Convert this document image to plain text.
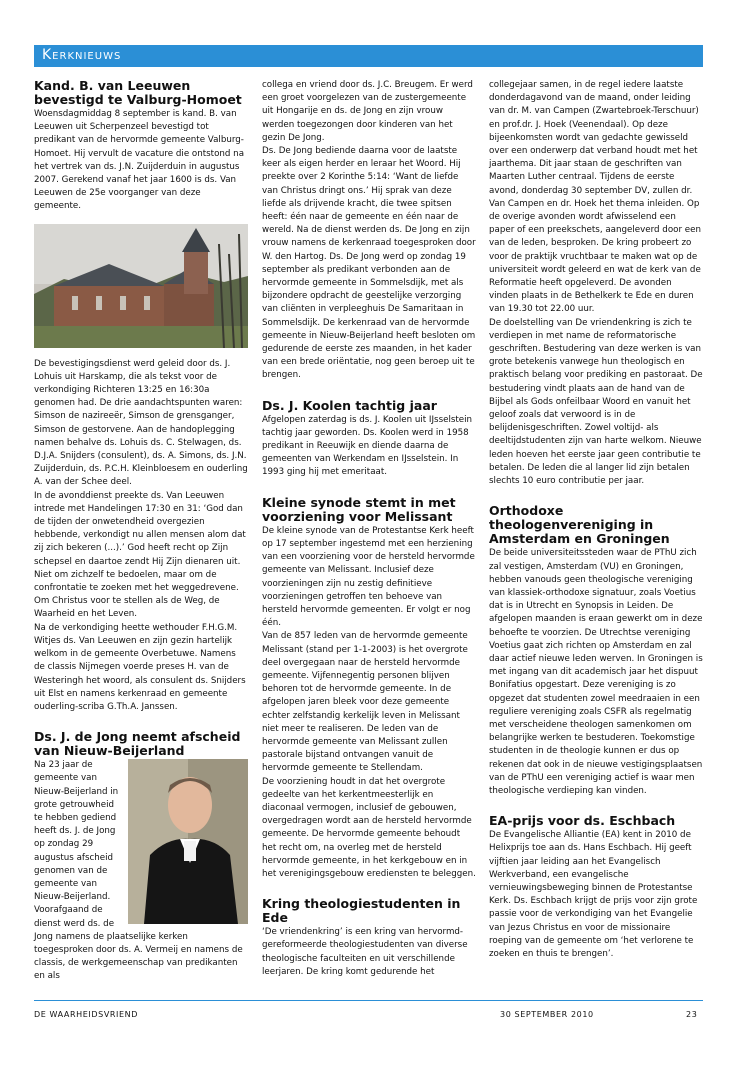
Kerknieuws
Kand. B. van Leeuwen bevestigd te Valburg-Homoet

Woensdagmiddag 8 september is kand. B. van Leeuwen uit Scherpenzeel bevestigd tot predikant van de hervormde gemeente Valburg-Homoet. Hij vervult de vacature die ontstond na het vertrek van ds. J.N. Zuijderduin in augustus 2007. Gerekend vanaf het jaar 1600 is ds. Van Leeuwen de 25e voorganger van deze gemeente.

De bevestigingsdienst werd geleid door ds. J. Lohuis uit Harskamp, die als tekst voor de verkondiging Richteren 13:25 en 16:30a genomen had. De drie aandachtspunten waren: Simson de nazireeër, Simson de grensganger, Simson de gestorvene. Aan de handoplegging namen behalve ds. Lohuis ds. C. Stelwagen, ds. D.J.A. Snijders (consulent), ds. A. Simons, ds. J.N. Zuijderduin, ds. P.C.H. Kleinbloesem en ouderling A. van der Schee deel.

In de avonddienst preekte ds. Van Leeuwen intrede met Handelingen 17:30 en 31: ‘God dan de tijden der onwetendheid overgezien hebbende, verkondigt nu allen mensen alom dat zij zich bekeren (...).’ God heeft recht op Zijn schepsel en daartoe zendt Hij Zijn dienaren uit. Niet om zichzelf te bedoelen, maar om de confrontatie te zoeken met het weggedrevene. Om Christus voor te stellen als de Weg, de Waarheid en het Leven.

Na de verkondiging heette wethouder F.H.G.M. Witjes ds. Van Leeuwen en zijn gezin hartelijk welkom in de gemeente Overbetuwe. Namens de classis Nijmegen voerde preses H. van de Westeringh het woord, als consulent ds. Snijders uit Elst en namens kerkenraad en gemeente ouderling-scriba G.Th.A. Janssen.

Ds. J. de Jong neemt afscheid van Nieuw-Beijerland

Na 23 jaar de gemeente van Nieuw-Beijerland in grote getrouwheid te hebben gediend heeft ds. J. de Jong op zondag 29 augustus afscheid genomen van de gemeente van Nieuw-Beijerland. Voorafgaand de dienst werd ds. de Jong namens de plaatselijke kerken toegesproken door ds. A. Vermeij en namens de classis, de werkgemeenschap van predikanten en als

collega en vriend door ds. J.C. Breugem. Er werd een groet voorgelezen van de zustergemeente uit Hongarije en ds. de Jong en zijn vrouw werden toegezongen door kinderen van het gezin De Jong.

Ds. De Jong bediende daarna voor de laatste keer als eigen herder en leraar het Woord. Hij preekte over 2 Korinthe 5:14: ‘Want de liefde van Christus dringt ons.’ Hij sprak van deze liefde als drijvende kracht, die twee spitsen heeft: één naar de gemeente en één naar de wereld. Na de dienst werden ds. De Jong en zijn vrouw namens de kerkenraad toegesproken door W. den Hartog. Ds. De Jong werd op zondag 19 september als predikant verbonden aan de hervormde gemeente in Sommelsdijk, met als bijzondere opdracht de geestelijke verzorging van cliënten in verpleeghuis De Samaritaan in Sommelsdijk. De kerkenraad van de hervormde gemeente in Nieuw-Beijerland heeft besloten om gedurende de eerste zes maanden, in het kader van een brede oriëntatie, nog geen beroep uit te brengen.

Ds. J. Koolen tachtig jaar

Afgelopen zaterdag is ds. J. Koolen uit IJsselstein tachtig jaar geworden. Ds. Koolen werd in 1958 predikant in Reeuwijk en diende daarna de gemeenten van Werkendam en IJsselstein. In 1993 ging hij met emeritaat.

Kleine synode stemt in met voorziening voor Melissant

De kleine synode van de Protestantse Kerk heeft op 17 september ingestemd met een herziening van een voorziening voor de hersteld hervormde gemeente van Melissant. Inclusief deze voorzieningen zijn nu zestig definitieve voorzieningen getroffen ten behoeve van hersteld hervormde gemeenten. Er volgt er nog één.

Van de 857 leden van de hervormde gemeente Melissant (stand per 1-1-2003) is het overgrote deel overgegaan naar de hersteld hervormde gemeente. Vijfennegentig personen blijven behoren tot de hervormde gemeente. In de afgelopen jaren bleek voor deze gemeente echter zelfstandig kerkelijk leven in Melissant niet meer te realiseren. De leden van de hervormde gemeente van Melissant zullen pastorale bijstand ontvangen vanuit de hervormde gemeente te Stellendam.

De voorziening houdt in dat het overgrote gedeelte van het kerkentmeesterlijk en diaconaal vermogen, inclusief de gebouwen, overgedragen wordt aan de hersteld hervormde gemeente. De hervormde gemeente behoudt het recht om, na overleg met de hersteld hervormde gemeente, in het kerkgebouw en in het verenigingsgebouw erediensten te beleggen.

Kring theologiestudenten in Ede

‘De vriendenkring’ is een kring van hervormd-gereformeerde theologiestudenten van diverse theologische faculteiten en uit verschillende leerjaren. De kring komt gedurende het

collegejaar samen, in de regel iedere laatste donderdagavond van de maand, onder leiding van dr. M. van Campen (Zwartebroek-Terschuur) en prof.dr. J. Hoek (Veenendaal). Op deze bijeenkomsten wordt van gedachte gewisseld over een onderwerp dat verband houdt met het jaarthema. Dit jaar staan de geschriften van Maarten Luther centraal. Tijdens de eerste avond, donderdag 30 september DV, zullen dr. Van Campen en dr. Hoek het thema inleiden. Op de overige avonden wordt afwisselend een paper of een preekschets, aangeleverd door een van de leden, besproken. De kring probeert zo voor de praktijk vruchtbaar te maken wat op de universiteit wordt geleerd en wat de kerk van de Reformatie heeft opgeleverd. De avonden vinden plaats in de Bethelkerk te Ede en duren van 19.30 tot 22.00 uur.

De doelstelling van De vriendenkring is zich te verdiepen in met name de reformatorische geschriften. Bestudering van deze werken is van grote betekenis vanwege hun theologisch en praktisch belang voor prediking en pastoraat. De bestudering vindt plaats aan de hand van de Bijbel als Gods onfeilbaar Woord en vanuit het geloof zoals dat verwoord is in de belijdenisgeschriften. Zowel voltijd- als deeltijdstudenten zijn van harte welkom. Nieuwe leden hoeven het eerste jaar geen contributie te betalen. De leden die al langer lid zijn betalen slechts 10 euro contributie per jaar.

Orthodoxe theologenvereniging in Amsterdam en Groningen

De beide universiteitssteden waar de PThU zich zal vestigen, Amsterdam (VU) en Groningen, hebben vanouds geen theologische vereniging van klassiek-orthodoxe signatuur, zoals Voetius dat is in Utrecht en Synopsis in Leiden. De afgelopen maanden is eraan gewerkt om in deze behoefte te voorzien. De Utrechtse vereniging Voetius gaat zich richten op Amsterdam en zal daar actief nieuwe leden werven. In Groningen is met ingang van dit academisch jaar het dispuut Bonifatius opgestart. Deze vereniging is zo opgezet dat studenten zowel meedraaien in een reguliere vereniging zoals CSFR als regelmatig met verscheidene theologen samenkomen om belangrijke werken te bestuderen. Toekomstige studenten in de theologie kunnen er dus op rekenen dat ook in de nieuwe vestigingsplaatsen van de PThU een vereniging actief is waar men theologische verdieping kan vinden.

EA-prijs voor ds. Eschbach

De Evangelische Alliantie (EA) kent in 2010 de Helixprijs toe aan ds. Hans Eschbach. Hij geeft vijftien jaar leiding aan het Evangelisch Werkverband, een evangelische vernieuwingsbeweging binnen de Protestantse Kerk. Ds. Eschbach krijgt de prijs voor zijn grote passie voor de verkondiging van het Evangelie van Jezus Christus en voor de missionaire roeping van de gemeente om ‘het verlorene te zoeken en thuis te brengen’.

DE WAARHEIDSVRIEND	30 SEPTEMBER 2010	23
